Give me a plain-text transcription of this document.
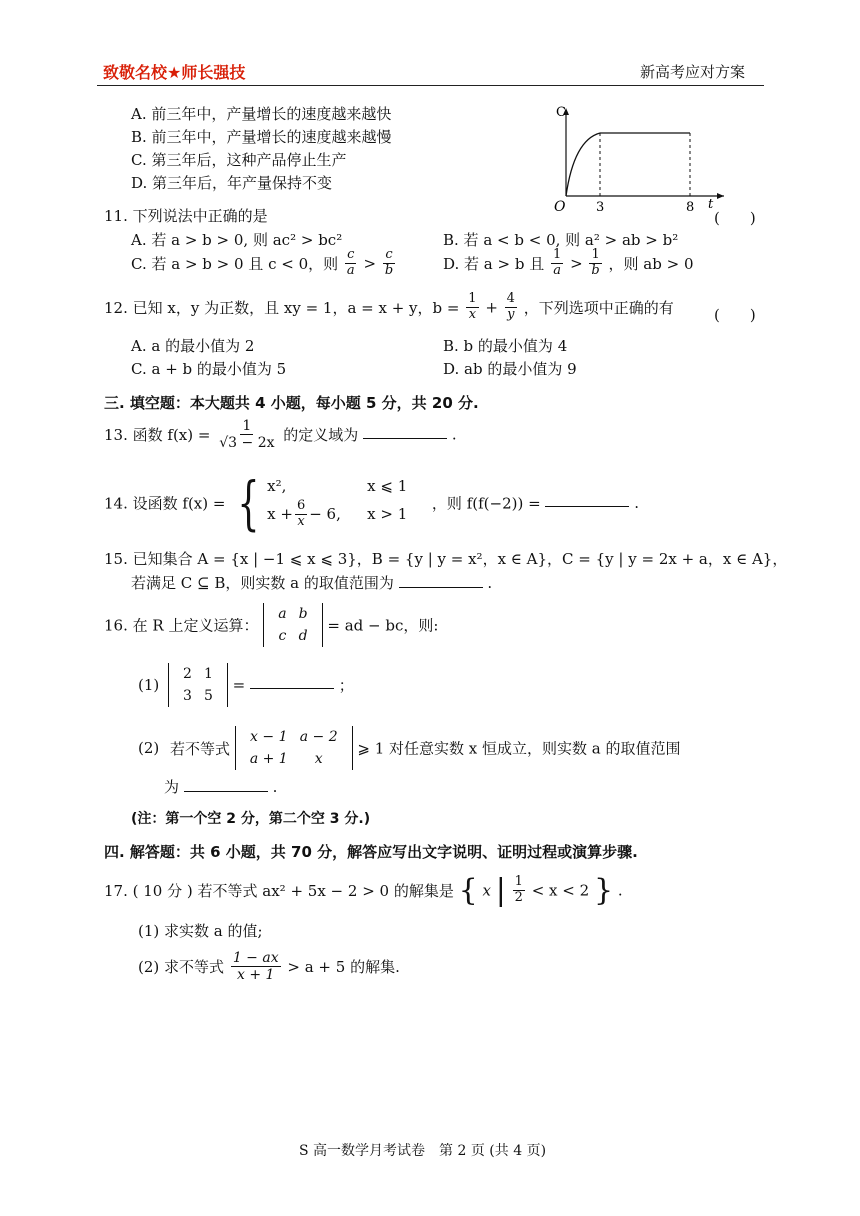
致敬名校★师长强技	新高考应对方案
A. 前三年中，产量增长的速度越来越快
B. 前三年中，产量增长的速度越来越慢
C. 第三年后，这种产品停止生产
D. 第三年后，年产量保持不变
C
O 3	8 t
11. 下列说法中正确的是	(　　)
A. 若 a > b > 0, 则 ac² > bc²	B. 若 a < b < 0, 则 a² > ab > b²
C. 若 a > b > 0 且 c < 0，则 $\frac{c}{a} > \frac{c}{b}$	D. 若 a > b 且 $\frac{1}{a} > \frac{1}{b}$ ，则 ab > 0
12. 已知 x，y 为正数，且 xy = 1，a = x + y，$b = \frac{1}{x} + \frac{4}{y}$ ，下列选项中正确的有	(　　)
A. a 的最小值为 2	B. b 的最小值为 4
C. a + b 的最小值为 5	D. ab 的最小值为 9
三. 填空题：本大题共 4 小题，每小题 5 分，共 20 分.
13. 函数 $f(x) = \frac{1}{√3 - 2x}$ 的定义域为	.
14. 设函数 f(x) = { x²,	x ⩽ 1
$x + \frac{6}{x} - 6$, x > 1
，则 f(f(−2)) =	.
15. 已知集合 A = {x | −1 ⩽ x ⩽ 3}，B = {y | y = x²，x ∈ A}，C = {y | y = 2x + a，x ∈ A}，
若满足 C ⊆ B，则实数 a 的取值范围为	.
16. 在 R 上定义运算：
a	b
c	d
= ad − bc，则:
(1)
2	1
3	5
=	；
(2) 若不等式
x − 1	a − 2
a + 1	x
⩾ 1 对任意实数 x 恒成立，则实数 a 的取值范围
为	.
(注：第一个空 2 分，第二个空 3 分.)
四. 解答题：共 6 小题，共 70 分，解答应写出文字说明、证明过程或演算步骤.
17. ( 10 分 ) 若不等式 ax² + 5x − 2 > 0 的解集是 { x | $\frac{1}{2} < x < 2$ } .
(1) 求实数 a 的值;
(2) 求不等式 $\frac{1 - ax}{x + 1} > a + 5$ 的解集.
S 高一数学月考试卷　第 2 页 (共 4 页)
